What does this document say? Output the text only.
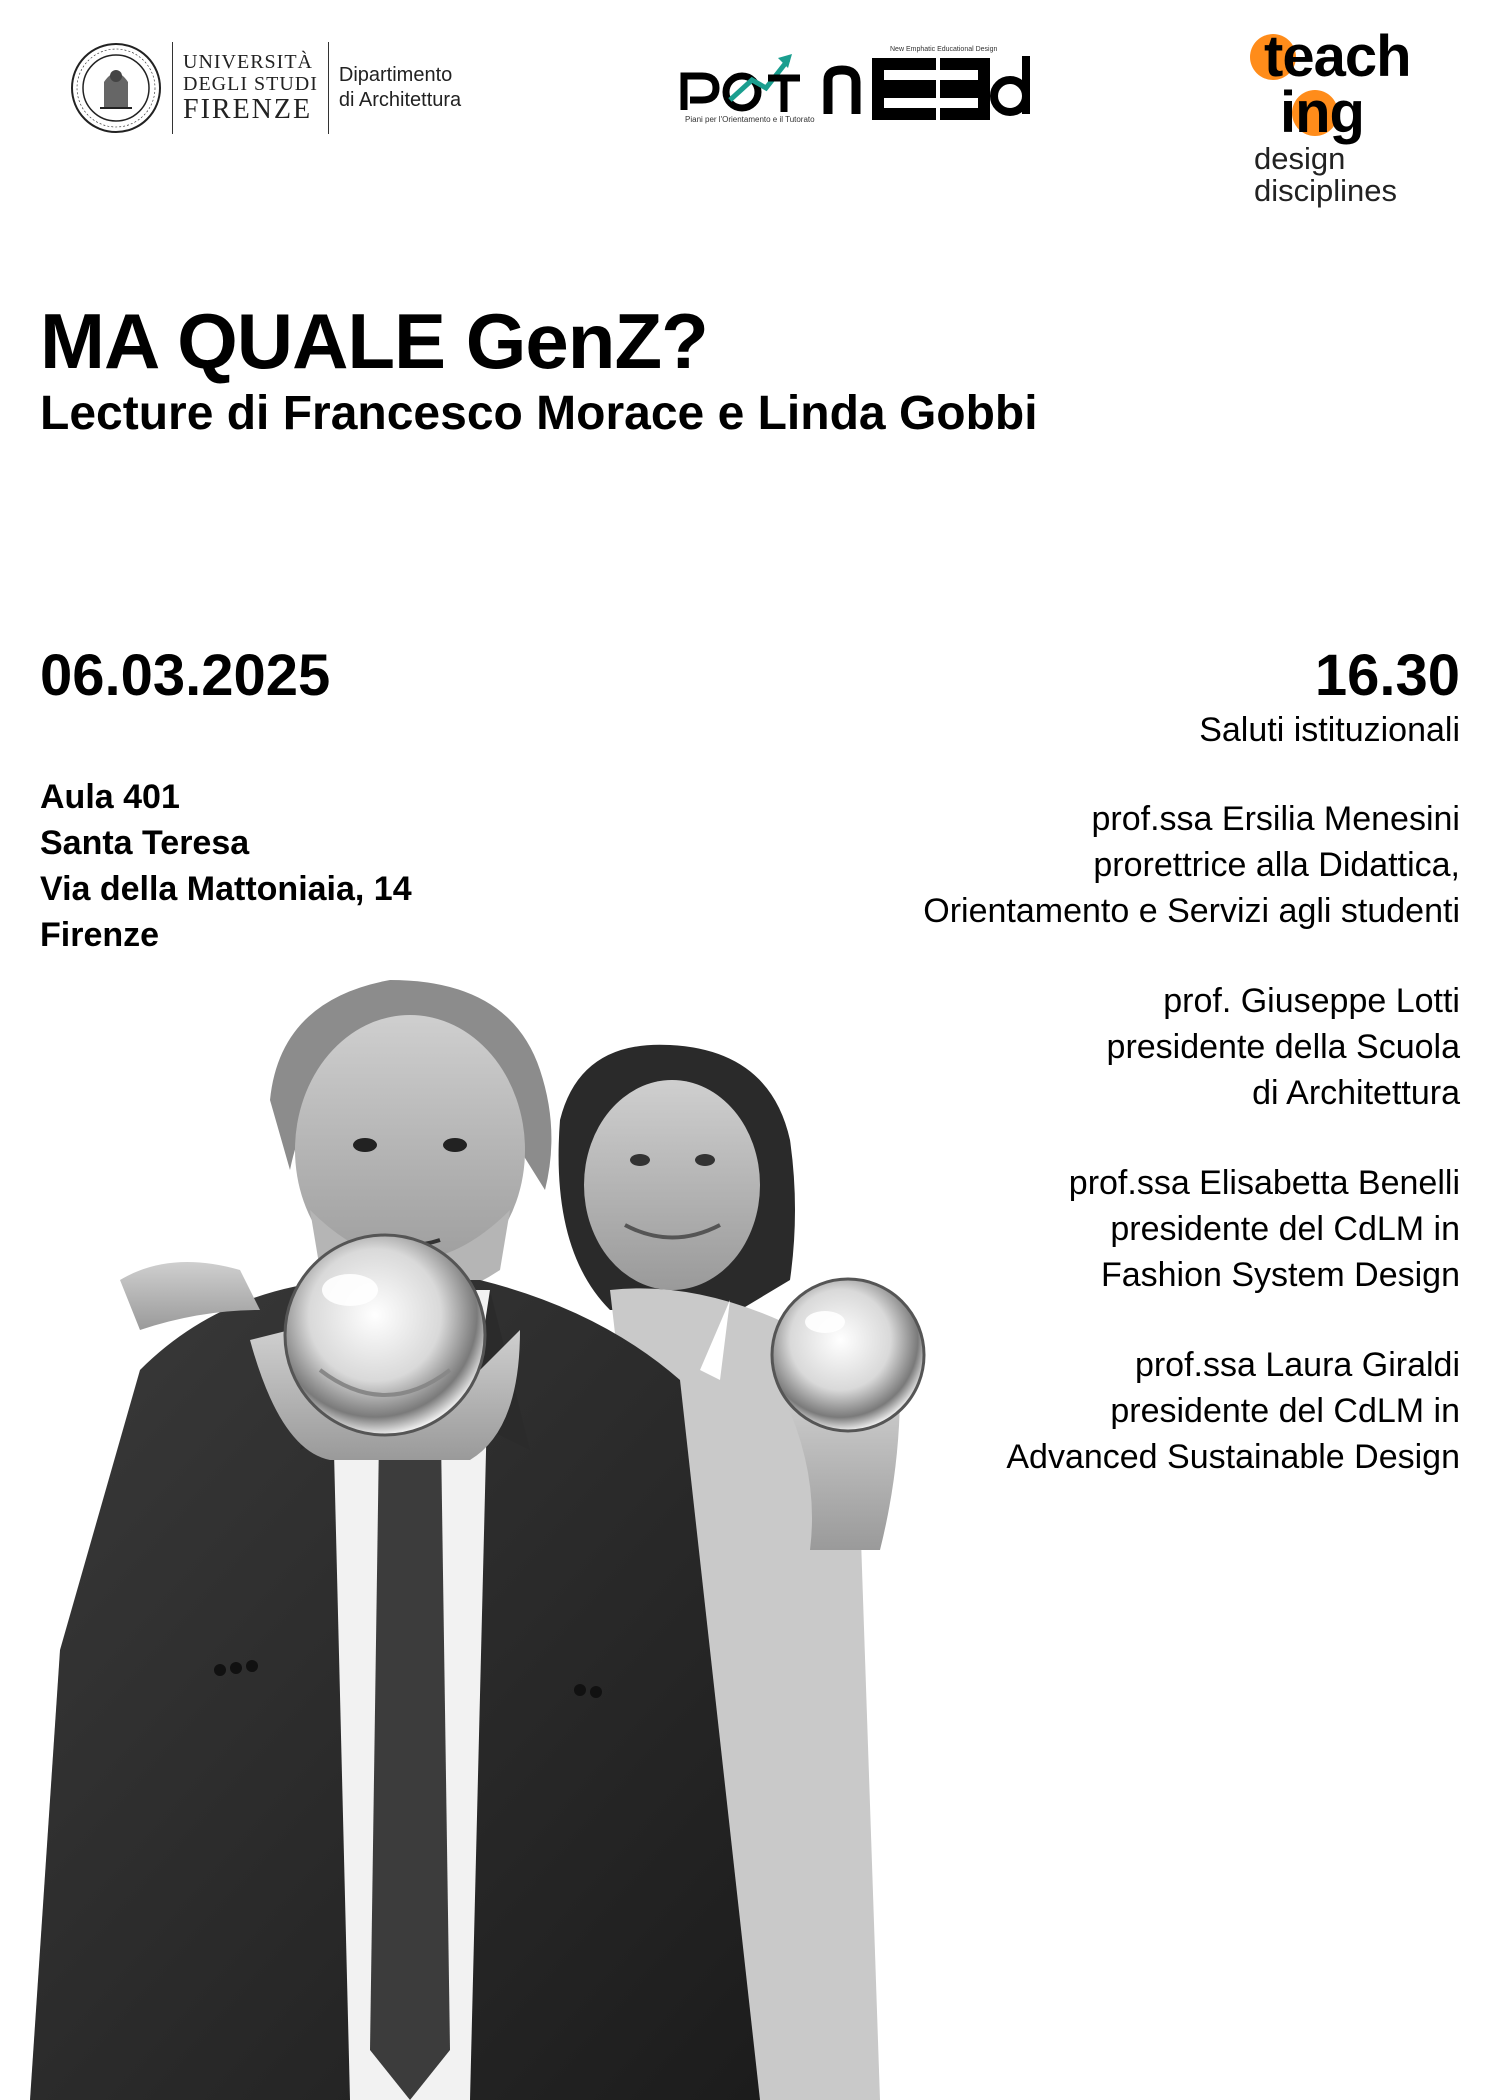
UNIVERSITÀ
DEGLI STUDI
FIRENZE
Dipartimento
di Architettura
POT nEEd
Piani per l'Orientamento e il Tutorato
New Emphatic Educational Design	teach
ing
design
disciplines
MA QUALE GenZ?
Lecture di Francesco Morace e Linda Gobbi
06.03.2025
Aula 401
Santa Teresa
Via della Mattoniaia, 14
Firenze
16.30
Saluti istituzionali
prof.ssa Ersilia Menesini
prorettrice alla Didattica,
Orientamento e Servizi agli studenti
prof. Giuseppe Lotti
presidente della Scuola
di Architettura
prof.ssa Elisabetta Benelli
presidente del CdLM in
Fashion System Design
prof.ssa Laura Giraldi
presidente del CdLM in
Advanced Sustainable Design
